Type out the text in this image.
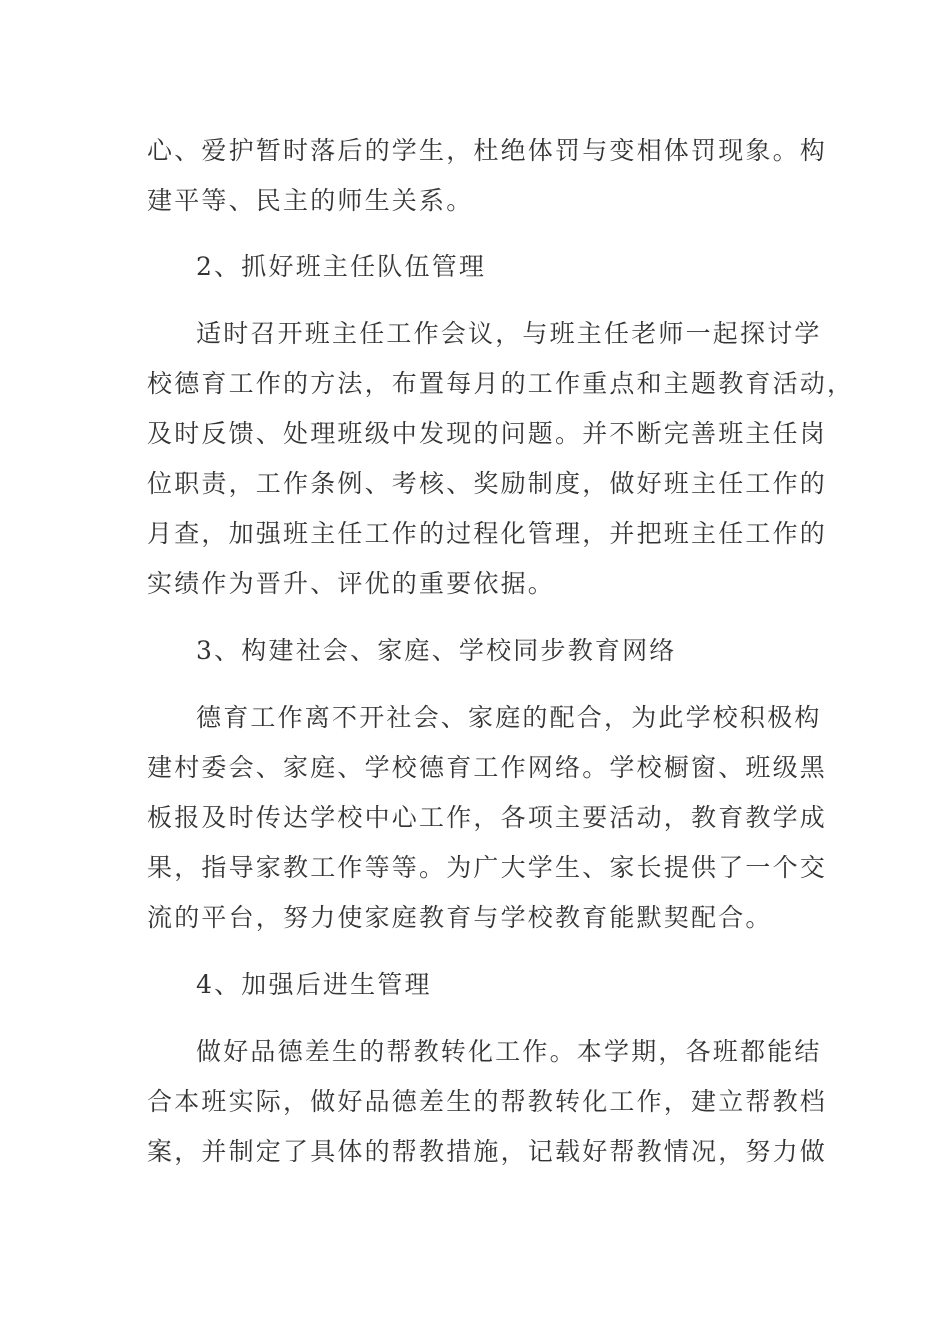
心、爱护暂时落后的学生，杜绝体罚与变相体罚现象。构
建平等、民主的师生关系。
2、抓好班主任队伍管理
适时召开班主任工作会议，与班主任老师一起探讨学
校德育工作的方法，布置每月的工作重点和主题教育活动，
及时反馈、处理班级中发现的问题。并不断完善班主任岗
位职责，工作条例、考核、奖励制度，做好班主任工作的
月查，加强班主任工作的过程化管理，并把班主任工作的
实绩作为晋升、评优的重要依据。
3、构建社会、家庭、学校同步教育网络
德育工作离不开社会、家庭的配合，为此学校积极构
建村委会、家庭、学校德育工作网络。学校橱窗、班级黑
板报及时传达学校中心工作，各项主要活动，教育教学成
果，指导家教工作等等。为广大学生、家长提供了一个交
流的平台，努力使家庭教育与学校教育能默契配合。
4、加强后进生管理
做好品德差生的帮教转化工作。本学期，各班都能结
合本班实际，做好品德差生的帮教转化工作，建立帮教档
案，并制定了具体的帮教措施，记载好帮教情况，努力做
